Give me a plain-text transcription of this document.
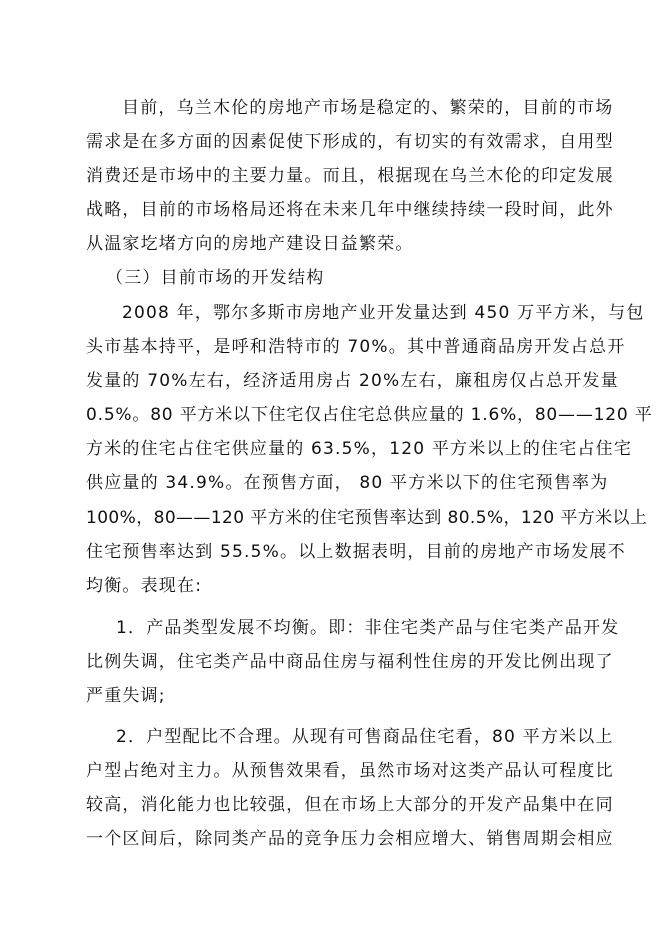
目前，乌兰木伦的房地产市场是稳定的、繁荣的，目前的市场
需求是在多方面的因素促使下形成的，有切实的有效需求，自用型
消费还是市场中的主要力量。而且，根据现在乌兰木伦的印定发展
战略，目前的市场格局还将在未来几年中继续持续一段时间，此外
从温家圪堵方向的房地产建设日益繁荣。
（三）目前市场的开发结构
2008 年，鄂尔多斯市房地产业开发量达到 450 万平方米，与包
头市基本持平，是呼和浩特市的 70%。其中普通商品房开发占总开
发量的 70%左右，经济适用房占 20%左右，廉租房仅占总开发量
0.5%。80 平方米以下住宅仅占住宅总供应量的 1.6%，80——120 平
方米的住宅占住宅供应量的 63.5%，120 平方米以上的住宅占住宅
供应量的 34.9%。在预售方面， 80 平方米以下的住宅预售率为
100%，80——120 平方米的住宅预售率达到 80.5%，120 平方米以上
住宅预售率达到 55.5%。以上数据表明，目前的房地产市场发展不
均衡。表现在:
1．产品类型发展不均衡。即：非住宅类产品与住宅类产品开发
比例失调，住宅类产品中商品住房与福利性住房的开发比例出现了
严重失调;
2．户型配比不合理。从现有可售商品住宅看，80 平方米以上
户型占绝对主力。从预售效果看，虽然市场对这类产品认可程度比
较高，消化能力也比较强，但在市场上大部分的开发产品集中在同
一个区间后，除同类产品的竞争压力会相应增大、销售周期会相应
